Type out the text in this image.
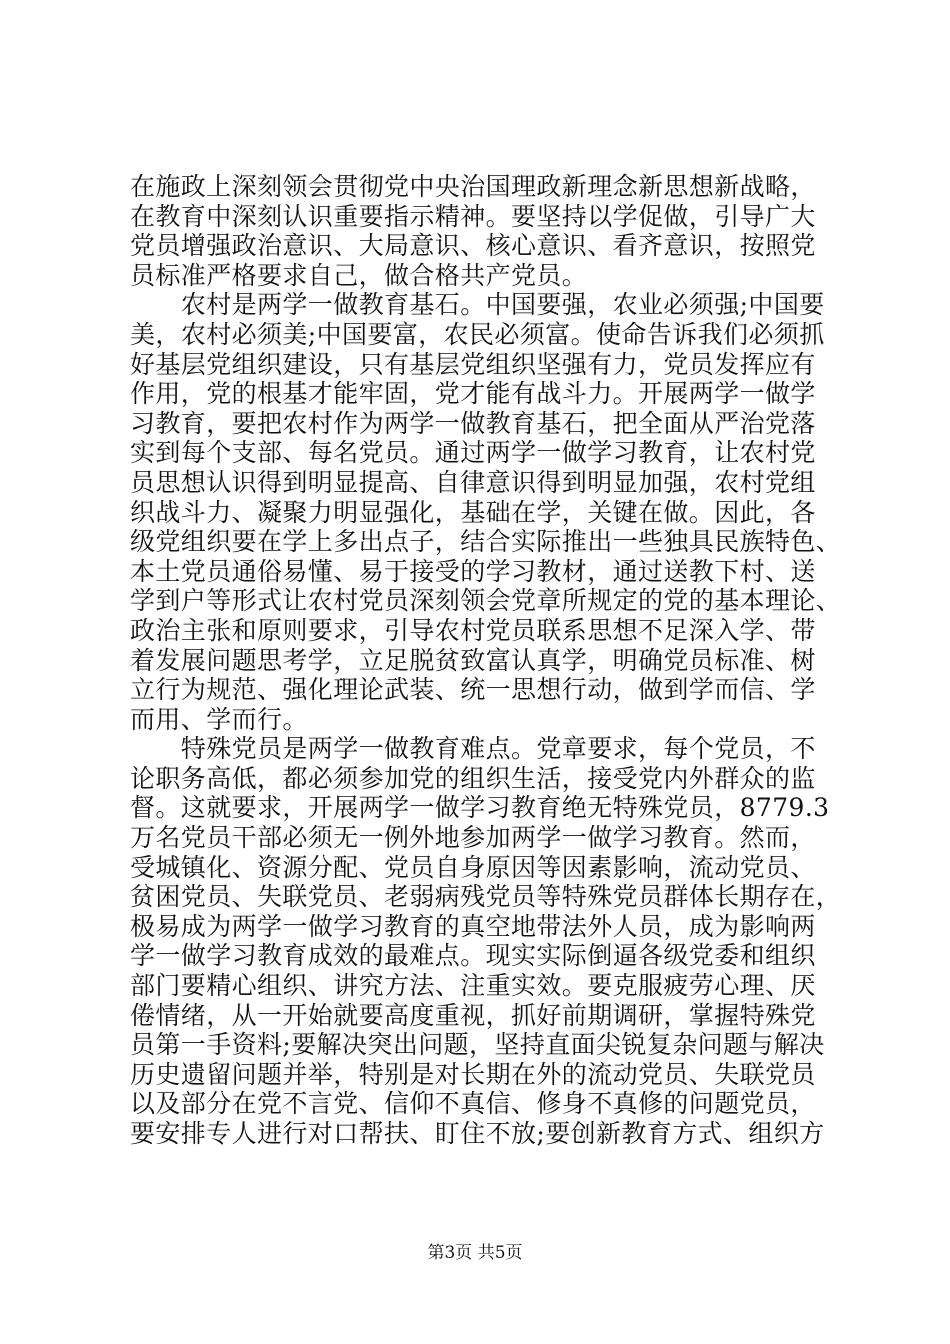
在施政上深刻领会贯彻党中央治国理政新理念新思想新战略，
在教育中深刻认识重要指示精神。要坚持以学促做，引导广大
党员增强政治意识、大局意识、核心意识、看齐意识，按照党
员标准严格要求自己，做合格共产党员。
　　农村是两学一做教育基石。中国要强，农业必须强;中国要
美，农村必须美;中国要富，农民必须富。使命告诉我们必须抓
好基层党组织建设，只有基层党组织坚强有力，党员发挥应有
作用，党的根基才能牢固，党才能有战斗力。开展两学一做学
习教育，要把农村作为两学一做教育基石，把全面从严治党落
实到每个支部、每名党员。通过两学一做学习教育，让农村党
员思想认识得到明显提高、自律意识得到明显加强，农村党组
织战斗力、凝聚力明显强化，基础在学，关键在做。因此，各
级党组织要在学上多出点子，结合实际推出一些独具民族特色、
本土党员通俗易懂、易于接受的学习教材，通过送教下村、送
学到户等形式让农村党员深刻领会党章所规定的党的基本理论、
政治主张和原则要求，引导农村党员联系思想不足深入学、带
着发展问题思考学，立足脱贫致富认真学，明确党员标准、树
立行为规范、强化理论武装、统一思想行动，做到学而信、学
而用、学而行。
　　特殊党员是两学一做教育难点。党章要求，每个党员，不
论职务高低，都必须参加党的组织生活，接受党内外群众的监
督。这就要求，开展两学一做学习教育绝无特殊党员，8779.3
万名党员干部必须无一例外地参加两学一做学习教育。然而，
受城镇化、资源分配、党员自身原因等因素影响，流动党员、
贫困党员、失联党员、老弱病残党员等特殊党员群体长期存在，
极易成为两学一做学习教育的真空地带法外人员，成为影响两
学一做学习教育成效的最难点。现实实际倒逼各级党委和组织
部门要精心组织、讲究方法、注重实效。要克服疲劳心理、厌
倦情绪，从一开始就要高度重视，抓好前期调研，掌握特殊党
员第一手资料;要解决突出问题，坚持直面尖锐复杂问题与解决
历史遗留问题并举，特别是对长期在外的流动党员、失联党员
以及部分在党不言党、信仰不真信、修身不真修的问题党员，
要安排专人进行对口帮扶、盯住不放;要创新教育方式、组织方
第3页 共5页
